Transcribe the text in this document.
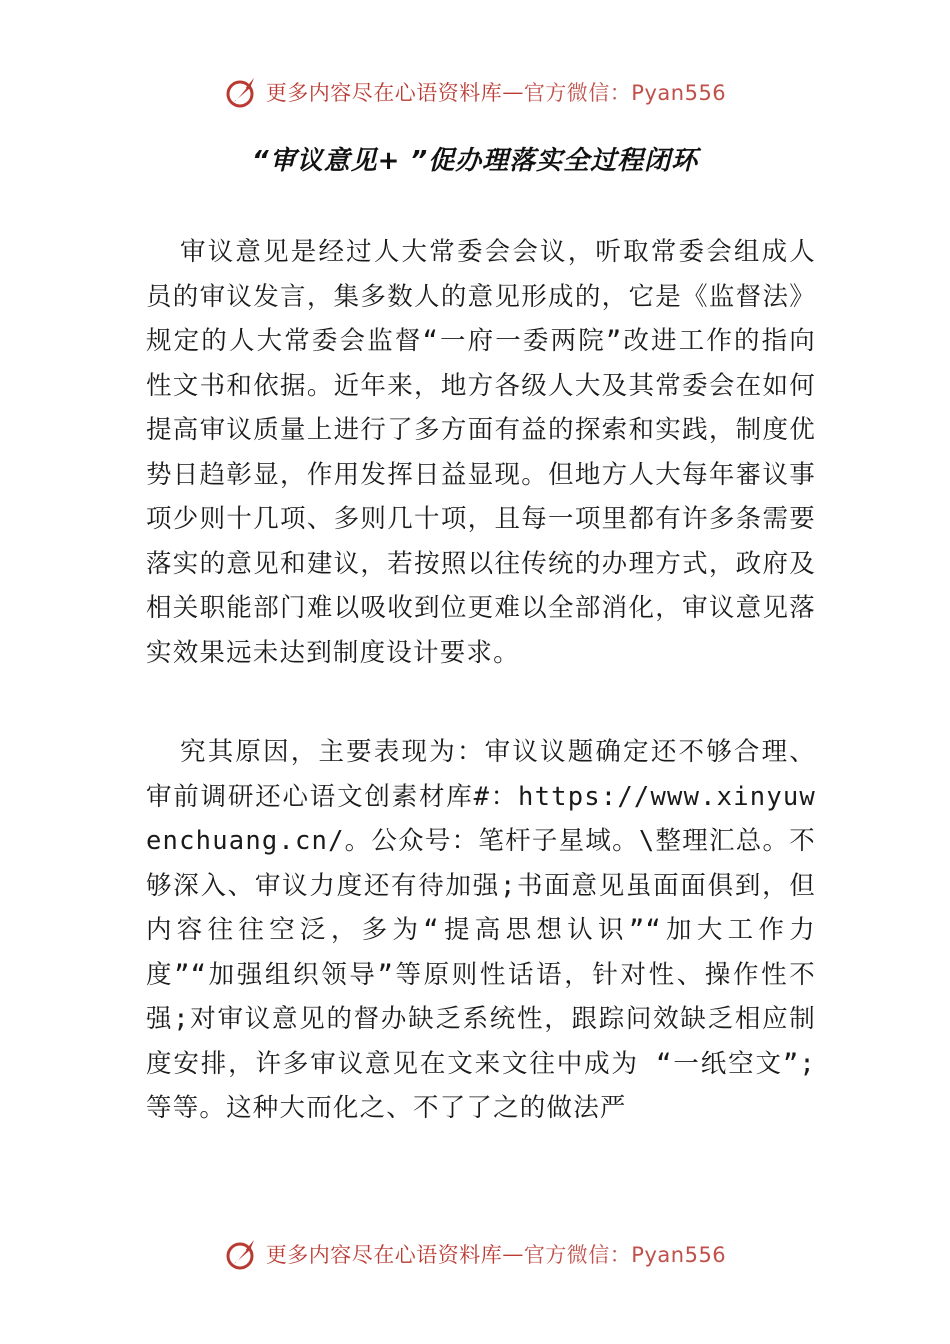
更多内容尽在心语资料库 — 官方微信：Pyan556
“审议意见+ ”促办理落实全过程闭环

审议意见是经过人大常委会会议，听取常委会组成人员的审议发言，集多数人的意见形成的，它是《监督法》规定的人大常委会监督“一府一委两院”改进工作的指向性文书和依据。近年来，地方各级人大及其常委会在如何提高审议质量上进行了多方面有益的探索和实践，制度优势日趋彰显，作用发挥日益显现。但地方人大每年審议事项少则十几项、多则几十项，且每一项里都有许多条需要落实的意见和建议，若按照以往传统的办理方式，政府及相关职能部门难以吸收到位更难以全部消化，审议意见落实效果远未达到制度设计要求。

究其原因，主要表现为：审议议题确定还不够合理、审前调研还心语文创素材库#：https://www.xinyuwenchuang.cn/。公众号：笔杆子星域。\整理汇总。不够深入、审议力度还有待加强;书面意见虽面面俱到，但内容往往空泛，多为“提高思想认识”“加大工作力度”“加强组织领导”等原则性话语，针对性、操作性不强;对审议意见的督办缺乏系统性，跟踪问效缺乏相应制度安排，许多审议意见在文来文往中成为 “一纸空文”;等等。这种大而化之、不了了之的做法严

更多内容尽在心语资料库 — 官方微信：Pyan556
